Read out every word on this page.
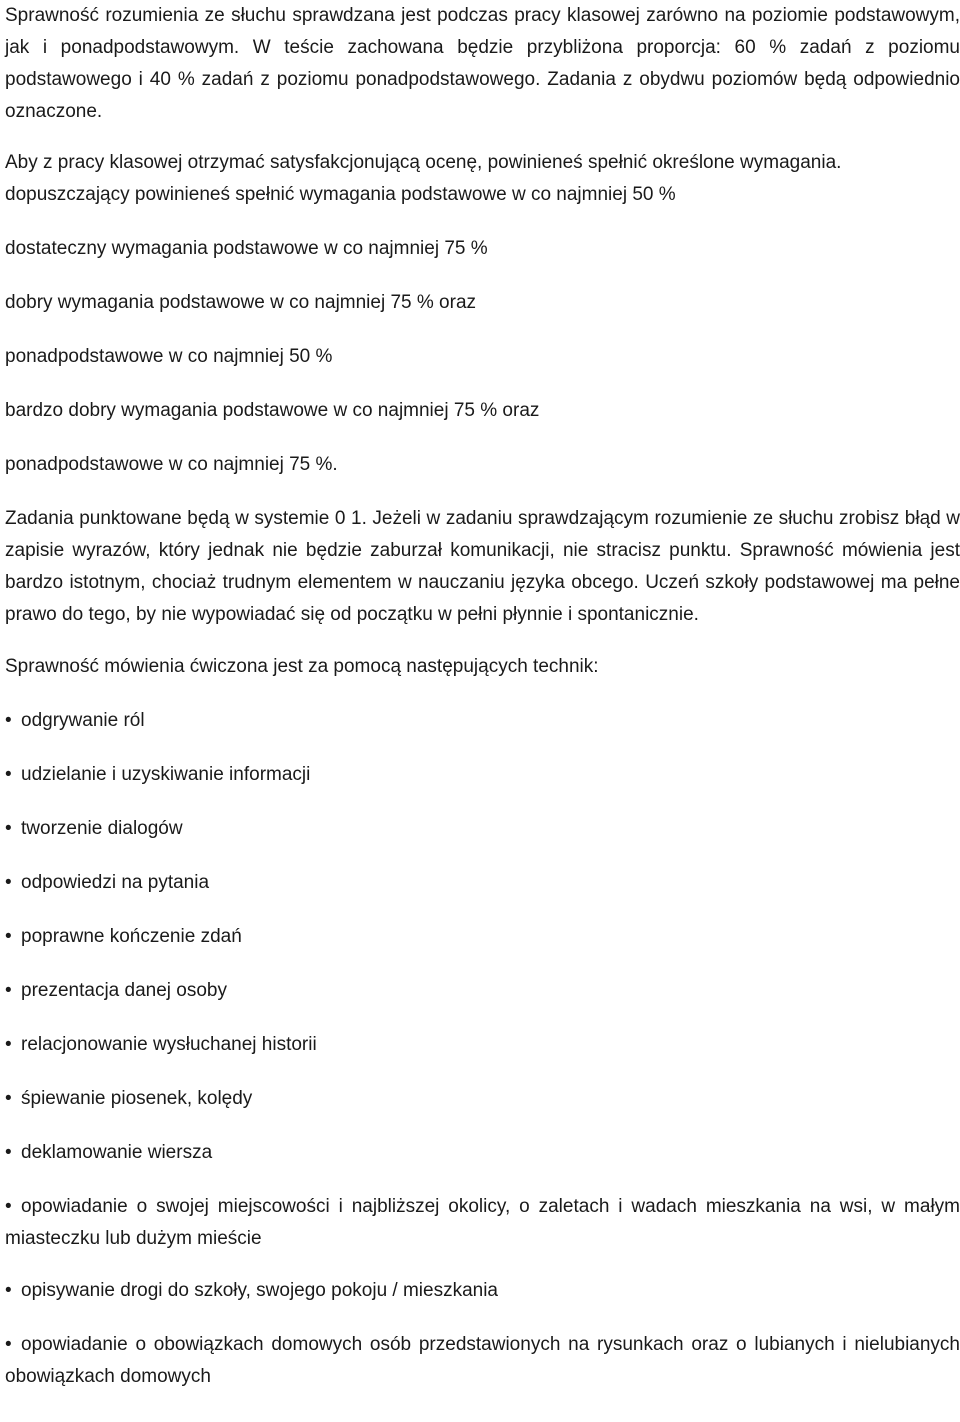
Sprawność rozumienia ze słuchu sprawdzana jest podczas pracy klasowej zarówno na poziomie podstawowym, jak i ponadpodstawowym. W teście zachowana będzie przybliżona proporcja: 60 % zadań z poziomu podstawowego i 40 % zadań z poziomu ponadpodstawowego. Zadania z obydwu poziomów będą odpowiednio oznaczone.

Aby z pracy klasowej otrzymać satysfakcjonującą ocenę, powinieneś spełnić określone wymagania.

dopuszczający powinieneś spełnić wymagania podstawowe w co najmniej 50 %
dostateczny wymagania podstawowe w co najmniej 75 %
dobry wymagania podstawowe w co najmniej 75 % oraz
ponadpodstawowe w co najmniej 50 %
bardzo dobry wymagania podstawowe w co najmniej 75 % oraz
ponadpodstawowe w co najmniej 75 %.

Zadania punktowane będą w systemie 0 1. Jeżeli w zadaniu sprawdzającym rozumienie ze słuchu zrobisz błąd w zapisie wyrazów, który jednak nie będzie zaburzał komunikacji, nie stracisz punktu. Sprawność mówienia jest bardzo istotnym, chociaż trudnym elementem w nauczaniu języka obcego. Uczeń szkoły podstawowej ma pełne prawo do tego, by nie wypowiadać się od początku w pełni płynnie i spontanicznie.

Sprawność mówienia ćwiczona jest za pomocą następujących technik:

• odgrywanie ról
• udzielanie i uzyskiwanie informacji
• tworzenie dialogów
• odpowiedzi na pytania
• poprawne kończenie zdań
• prezentacja danej osoby
• relacjonowanie wysłuchanej historii
• śpiewanie piosenek, kolędy
• deklamowanie wiersza
• opowiadanie o swojej miejscowości i najbliższej okolicy, o zaletach i wadach mieszkania na wsi, w małym miasteczku lub dużym mieście
• opisywanie drogi do szkoły, swojego pokoju / mieszkania
• opowiadanie o obowiązkach domowych osób przedstawionych na rysunkach oraz o lubianych i nielubianych obowiązkach domowych
